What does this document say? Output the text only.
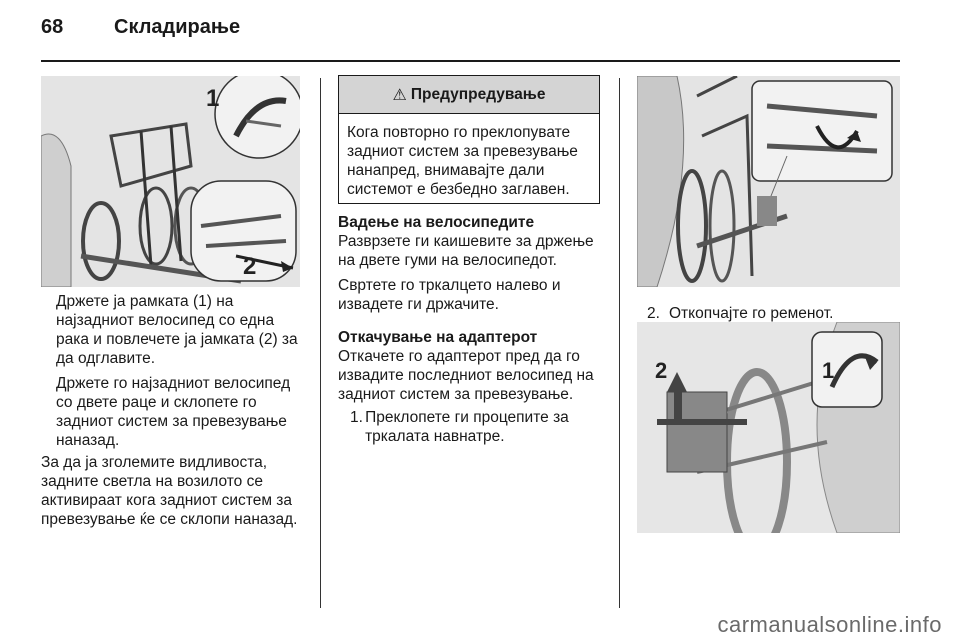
68	Складирање
1
2

Држете ја рамката (1) на најзадниот велосипед со една рака и повлечете ја јамката (2) за да одглавите.

Држете го најзадниот велосипед со двете раце и склопете го задниот систем за превезување наназад.

За да ја зголемите видливоста, задните светла на возилото се активираат кога задниот систем за превезување ќе се склопи наназад.

⚠ Предупредување
Кога повторно го преклопувате задниот систем за превезување нанапред, внимавајте дали системот е безбедно заглавен.

Вадење на велосипедите

Разврзете ги каишевите за држење на двете гуми на велосипедот.

Свртете го тркалцето налево и извадете ги држачите.

Откачување на адаптерот

Откачете го адаптерот пред да го извадите последниот велосипед на задниот систем за превезување.

1. Преклопете ги процепите за тркалата навнатре.
2. Откопчајте го ременот.
1
2
carmanualsonline.info
